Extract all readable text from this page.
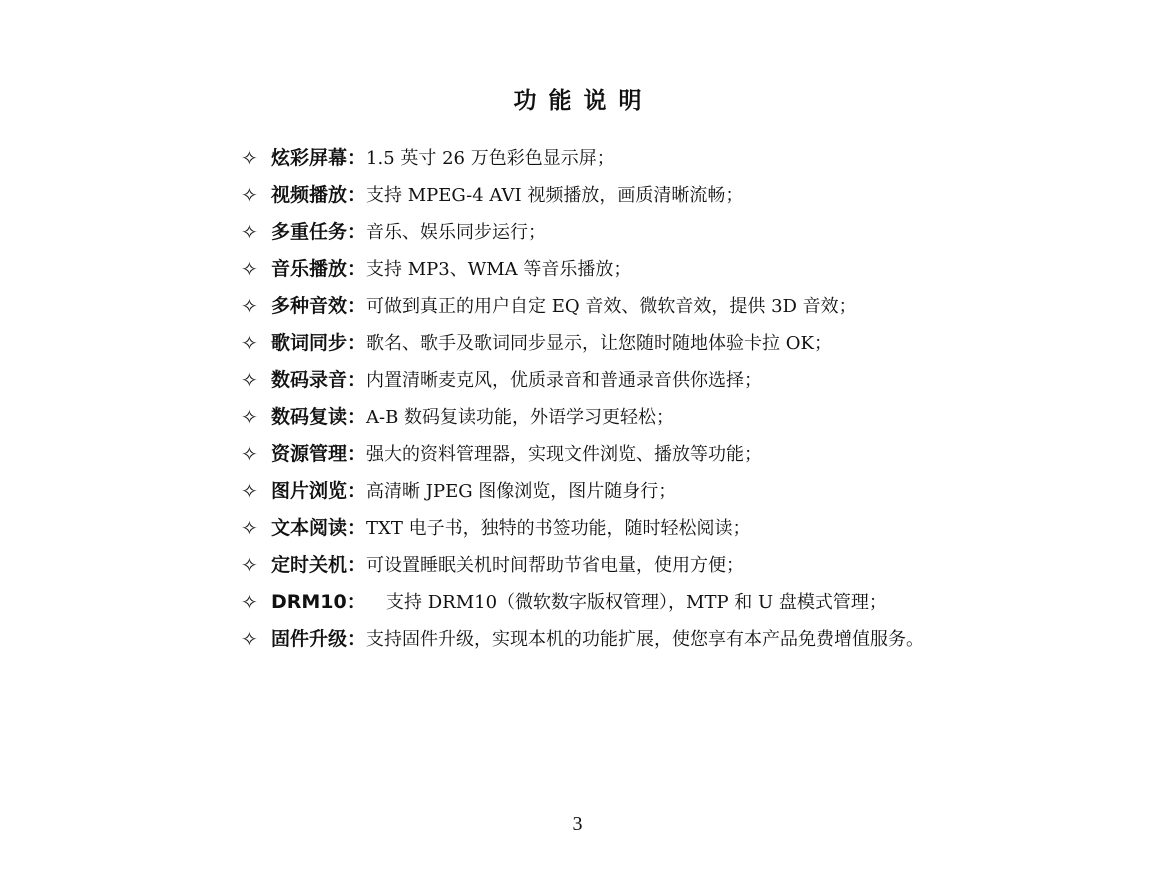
功能说明
✧ 炫彩屏幕： 1.5 英寸 26 万色彩色显示屏；
✧ 视频播放： 支持 MPEG-4 AVI 视频播放，画质清晰流畅；
✧ 多重任务： 音乐、娱乐同步运行；
✧ 音乐播放： 支持 MP3、WMA 等音乐播放；
✧ 多种音效： 可做到真正的用户自定 EQ 音效、微软音效，提供 3D 音效；
✧ 歌词同步： 歌名、歌手及歌词同步显示，让您随时随地体验卡拉 OK；
✧ 数码录音： 内置清晰麦克风，优质录音和普通录音供你选择；
✧ 数码复读： A-B 数码复读功能，外语学习更轻松；
✧ 资源管理： 强大的资料管理器，实现文件浏览、播放等功能；
✧ 图片浏览： 高清晰 JPEG 图像浏览，图片随身行；
✧ 文本阅读： TXT 电子书，独特的书签功能，随时轻松阅读；
✧ 定时关机： 可设置睡眠关机时间帮助节省电量，使用方便；
✧ DRM10：	支持 DRM10（微软数字版权管理），MTP 和 U 盘模式管理；
✧ 固件升级： 支持固件升级，实现本机的功能扩展，使您享有本产品免费增值服务。
3
